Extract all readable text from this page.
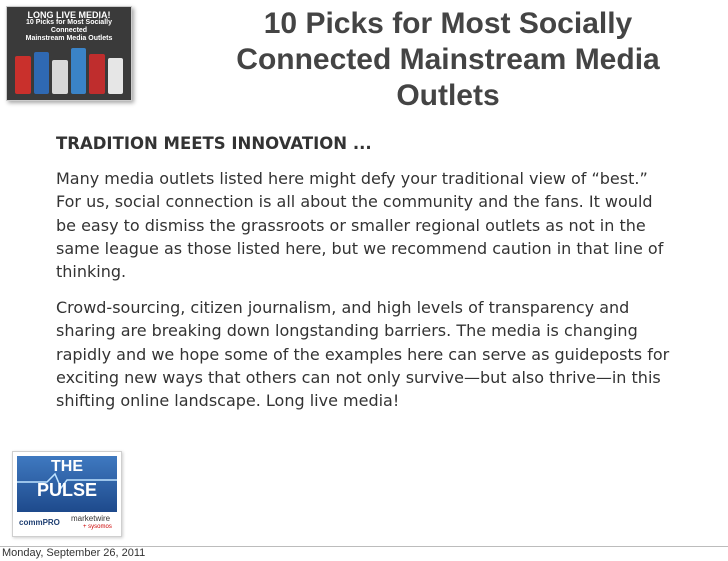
LONG LIVE MEDIA!
10 Picks for Most Socially Connected
Mainstream Media Outlets	10 Picks for Most Socially
Connected Mainstream Media
Outlets
TRADITION MEETS INNOVATION ...

Many media outlets listed here might defy your traditional view of “best.” For us, social connection is all about the community and the fans. It would be easy to dismiss the grassroots or smaller regional outlets as not in the same league as those listed here, but we recommend caution in that line of thinking.

Crowd-sourcing, citizen journalism, and high levels of transparency and sharing are breaking down longstanding barriers. The media is changing rapidly and we hope some of the examples here can serve as guideposts for exciting new ways that others can not only survive—but also thrive—in this shifting online landscape. Long live media!

THE
PULSE
commPRO marketwire
+ sysomos
Monday, September 26, 2011
